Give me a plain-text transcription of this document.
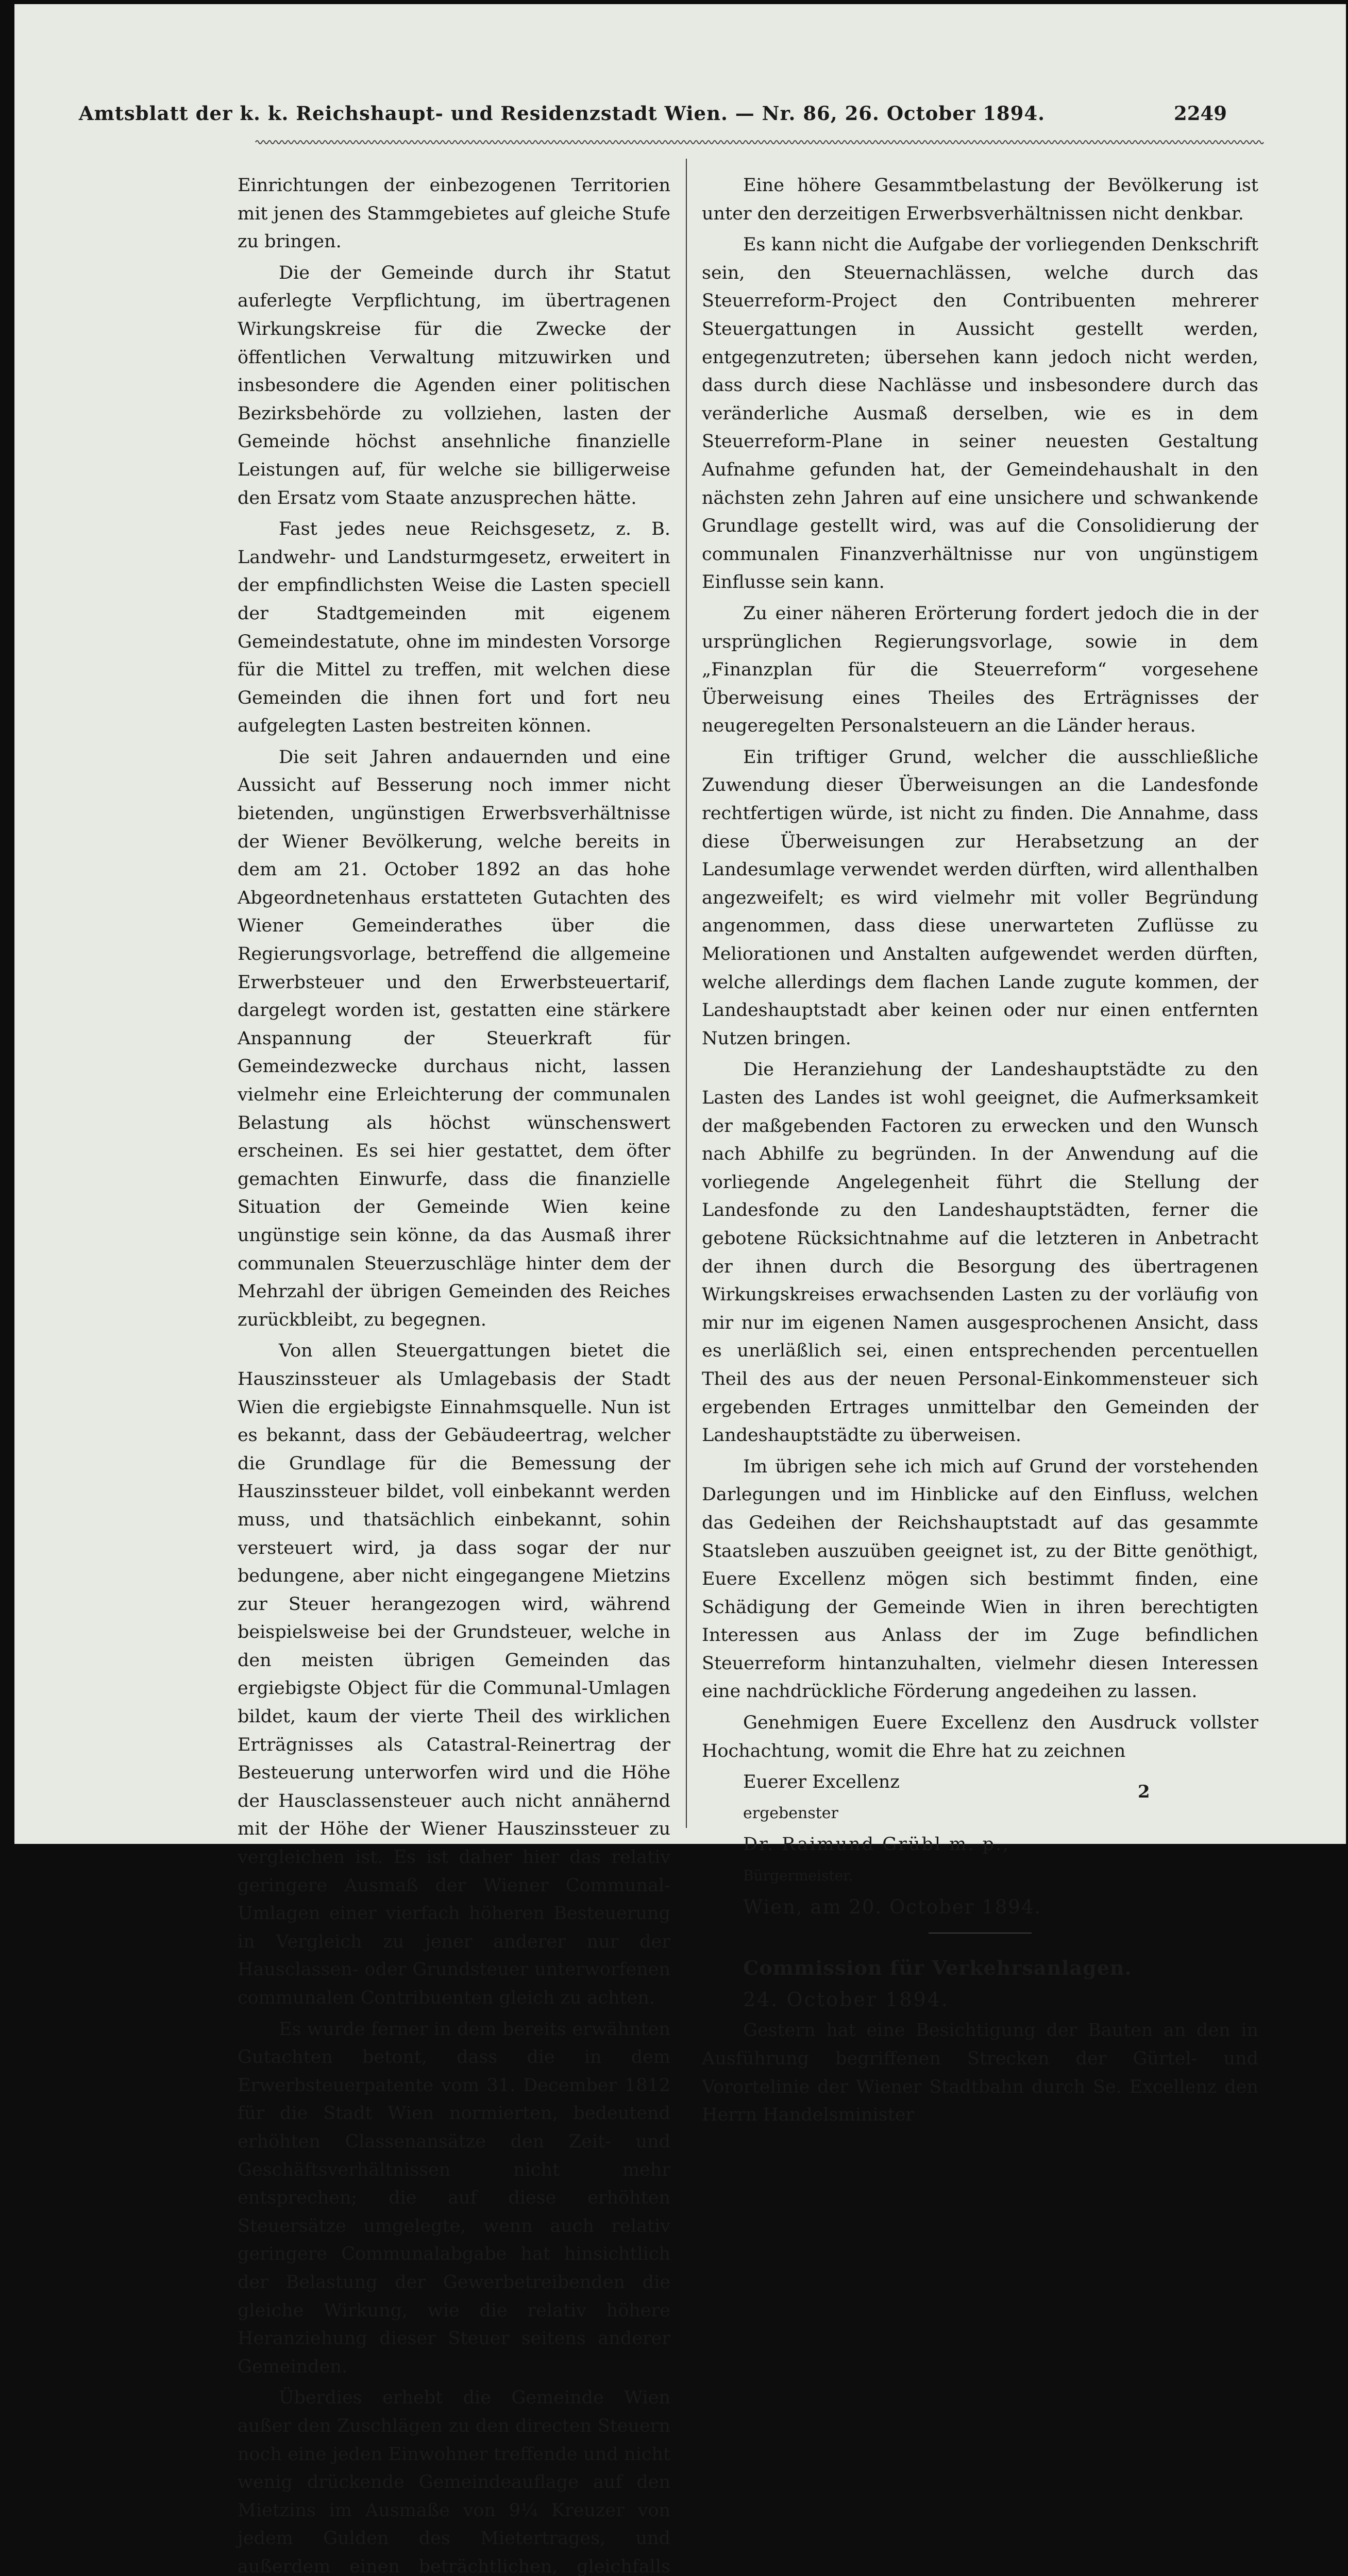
Amtsblatt der k. k. Reichshaupt- und Residenzstadt Wien. — Nr. 86, 26. October 1894.	2249

Einrichtungen der einbezogenen Territorien mit jenen des Stammgebietes auf gleiche Stufe zu bringen.

Die der Gemeinde durch ihr Statut auferlegte Verpflichtung, im übertragenen Wirkungskreise für die Zwecke der öffentlichen Verwaltung mitzuwirken und insbesondere die Agenden einer politischen Bezirksbehörde zu vollziehen, lasten der Gemeinde höchst ansehnliche finanzielle Leistungen auf, für welche sie billigerweise den Ersatz vom Staate anzusprechen hätte.

Fast jedes neue Reichsgesetz, z. B. Landwehr- und Landsturmgesetz, erweitert in der empfindlichsten Weise die Lasten speciell der Stadtgemeinden mit eigenem Gemeindestatute, ohne im mindesten Vorsorge für die Mittel zu treffen, mit welchen diese Gemeinden die ihnen fort und fort neu aufgelegten Lasten bestreiten können.

Die seit Jahren andauernden und eine Aussicht auf Besserung noch immer nicht bietenden, ungünstigen Erwerbsverhältnisse der Wiener Bevölkerung, welche bereits in dem am 21. October 1892 an das hohe Abgeordnetenhaus erstatteten Gutachten des Wiener Gemeinderathes über die Regierungsvorlage, betreffend die allgemeine Erwerbsteuer und den Erwerbsteuertarif, dargelegt worden ist, gestatten eine stärkere Anspannung der Steuerkraft für Gemeindezwecke durchaus nicht, lassen vielmehr eine Erleichterung der communalen Belastung als höchst wünschenswert erscheinen. Es sei hier gestattet, dem öfter gemachten Einwurfe, dass die finanzielle Situation der Gemeinde Wien keine ungünstige sein könne, da das Ausmaß ihrer communalen Steuerzuschläge hinter dem der Mehrzahl der übrigen Gemeinden des Reiches zurückbleibt, zu begegnen.

Von allen Steuergattungen bietet die Hauszinssteuer als Umlagebasis der Stadt Wien die ergiebigste Einnahmsquelle. Nun ist es bekannt, dass der Gebäudeertrag, welcher die Grundlage für die Bemessung der Hauszinssteuer bildet, voll einbekannt werden muss, und thatsächlich einbekannt, sohin versteuert wird, ja dass sogar der nur bedungene, aber nicht eingegangene Mietzins zur Steuer herangezogen wird, während beispielsweise bei der Grundsteuer, welche in den meisten übrigen Gemeinden das ergiebigste Object für die Communal-Umlagen bildet, kaum der vierte Theil des wirklichen Erträgnisses als Catastral-Reinertrag der Besteuerung unterworfen wird und die Höhe der Hausclassensteuer auch nicht annähernd mit der Höhe der Wiener Hauszinssteuer zu vergleichen ist. Es ist daher hier das relativ geringere Ausmaß der Wiener Communal-Umlagen einer vierfach höheren Besteuerung in Vergleich zu jener anderer nur der Hausclassen- oder Grundsteuer unterworfenen communalen Contribuenten gleich zu achten.

Es wurde ferner in dem bereits erwähnten Gutachten betont, dass die in dem Erwerbsteuerpatente vom 31. December 1812 für die Stadt Wien normierten, bedeutend erhöhten Classenansätze den Zeit- und Geschäftsverhältnissen nicht mehr entsprechen; die auf diese erhöhten Steuersätze umgelegte, wenn auch relativ geringere Communalabgabe hat hinsichtlich der Belastung der Gewerbetreibenden die gleiche Wirkung, wie die relativ höhere Heranziehung dieser Steuer seitens anderer Gemeinden.

Überdies erhebt die Gemeinde Wien außer den Zuschlägen zu den directen Steuern noch eine jeden Einwohner treffende und nicht wenig drückende Gemeindeauflage auf den Mietzins im Ausmaße von 9¼ Kreuzer von jedem Gulden des Mietertrages, und außerdem einen beträchtlichen, gleichfalls

Eine höhere Gesammtbelastung der Bevölkerung ist unter den derzeitigen Erwerbsverhältnissen nicht denkbar.

Es kann nicht die Aufgabe der vorliegenden Denkschrift sein, den Steuernachlässen, welche durch das Steuerreform-Project den Contribuenten mehrerer Steuergattungen in Aussicht gestellt werden, entgegenzutreten; übersehen kann jedoch nicht werden, dass durch diese Nachlässe und insbesondere durch das veränderliche Ausmaß derselben, wie es in dem Steuerreform-Plane in seiner neuesten Gestaltung Aufnahme gefunden hat, der Gemeindehaushalt in den nächsten zehn Jahren auf eine unsichere und schwankende Grundlage gestellt wird, was auf die Consolidierung der communalen Finanzverhältnisse nur von ungünstigem Einflusse sein kann.

Zu einer näheren Erörterung fordert jedoch die in der ursprünglichen Regierungsvorlage, sowie in dem „Finanzplan für die Steuerreform“ vorgesehene Überweisung eines Theiles des Erträgnisses der neugeregelten Personalsteuern an die Länder heraus.

Ein triftiger Grund, welcher die ausschließliche Zuwendung dieser Überweisungen an die Landesfonde rechtfertigen würde, ist nicht zu finden. Die Annahme, dass diese Überweisungen zur Herabsetzung an der Landesumlage verwendet werden dürften, wird allenthalben angezweifelt; es wird vielmehr mit voller Begründung angenommen, dass diese unerwarteten Zuflüsse zu Meliorationen und Anstalten aufgewendet werden dürften, welche allerdings dem flachen Lande zugute kommen, der Landeshauptstadt aber keinen oder nur einen entfernten Nutzen bringen.

Die Heranziehung der Landeshauptstädte zu den Lasten des Landes ist wohl geeignet, die Aufmerksamkeit der maßgebenden Factoren zu erwecken und den Wunsch nach Abhilfe zu begründen. In der Anwendung auf die vorliegende Angelegenheit führt die Stellung der Landesfonde zu den Landeshauptstädten, ferner die gebotene Rücksichtnahme auf die letzteren in Anbetracht der ihnen durch die Besorgung des übertragenen Wirkungskreises erwachsenden Lasten zu der vorläufig von mir nur im eigenen Namen ausgesprochenen Ansicht, dass es unerläßlich sei, einen entsprechenden percentuellen Theil des aus der neuen Personal-Einkommensteuer sich ergebenden Ertrages unmittelbar den Gemeinden der Landeshauptstädte zu überweisen.

Im übrigen sehe ich mich auf Grund der vorstehenden Darlegungen und im Hinblicke auf den Einfluss, welchen das Gedeihen der Reichshauptstadt auf das gesammte Staatsleben auszuüben geeignet ist, zu der Bitte genöthigt, Euere Excellenz mögen sich bestimmt finden, eine Schädigung der Gemeinde Wien in ihren berechtigten Interessen aus Anlass der im Zuge befindlichen Steuerreform hintanzuhalten, vielmehr diesen Interessen eine nachdrückliche Förderung angedeihen zu lassen.

Genehmigen Euere Excellenz den Ausdruck vollster Hochachtung, womit die Ehre hat zu zeichnen

Euerer Excellenz

ergebenster

Dr. Raimund Grübl m. p.,

Bürgermeister.

Wien, am 20. October 1894.

Commission für Verkehrsanlagen.

24. October 1894.

Gestern hat eine Besichtigung der Bauten an den in Ausführung begriffenen Strecken der Gürtel- und Vorortelinie der Wiener Stadtbahn durch Se. Excellenz den Herrn Handelsminister

2
